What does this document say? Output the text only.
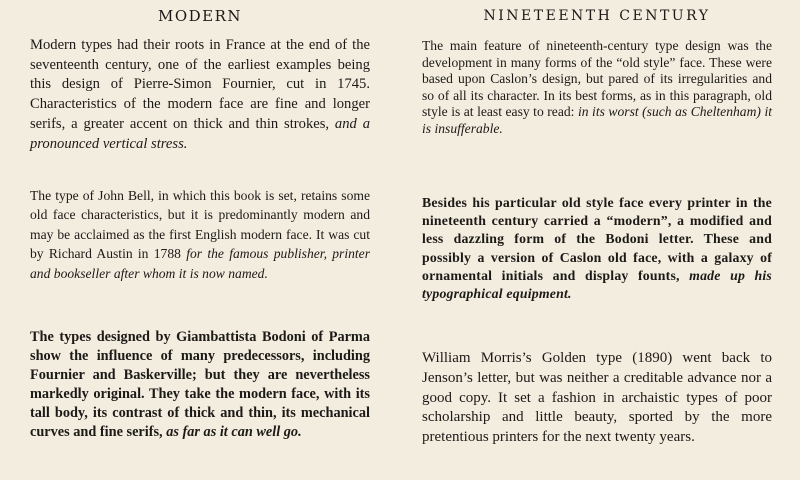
MODERN

Modern types had their roots in France at the end of the seventeenth century, one of the earliest examples being this design of Pierre-Simon Fournier, cut in 1745. Characteristics of the modern face are fine and longer serifs, a greater accent on thick and thin strokes, and a pronounced vertical stress.

The type of John Bell, in which this book is set, retains some old face characteristics, but it is predominantly modern and may be acclaimed as the first English modern face. It was cut by Richard Austin in 1788 for the famous publisher, printer and bookseller after whom it is now named.

The types designed by Giambattista Bodoni of Parma show the influence of many predecessors, including Fournier and Baskerville; but they are nevertheless markedly original. They take the modern face, with its tall body, its contrast of thick and thin, its mechanical curves and fine serifs, as far as it can well go.

NINETEENTH CENTURY

The main feature of nineteenth-century type design was the development in many forms of the “old style” face. These were based upon Caslon’s design, but pared of its irregularities and so of all its character. In its best forms, as in this paragraph, old style is at least easy to read: in its worst (such as Cheltenham) it is insufferable.

Besides his particular old style face every printer in the nineteenth century carried a “modern”, a modified and less dazzling form of the Bodoni letter. These and possibly a version of Caslon old face, with a galaxy of ornamental initials and display founts, made up his typographical equipment.

William Morris’s Golden type (1890) went back to Jenson’s letter, but was neither a creditable advance nor a good copy. It set a fashion in archaistic types of poor scholarship and little beauty, sported by the more pretentious printers for the next twenty years.
